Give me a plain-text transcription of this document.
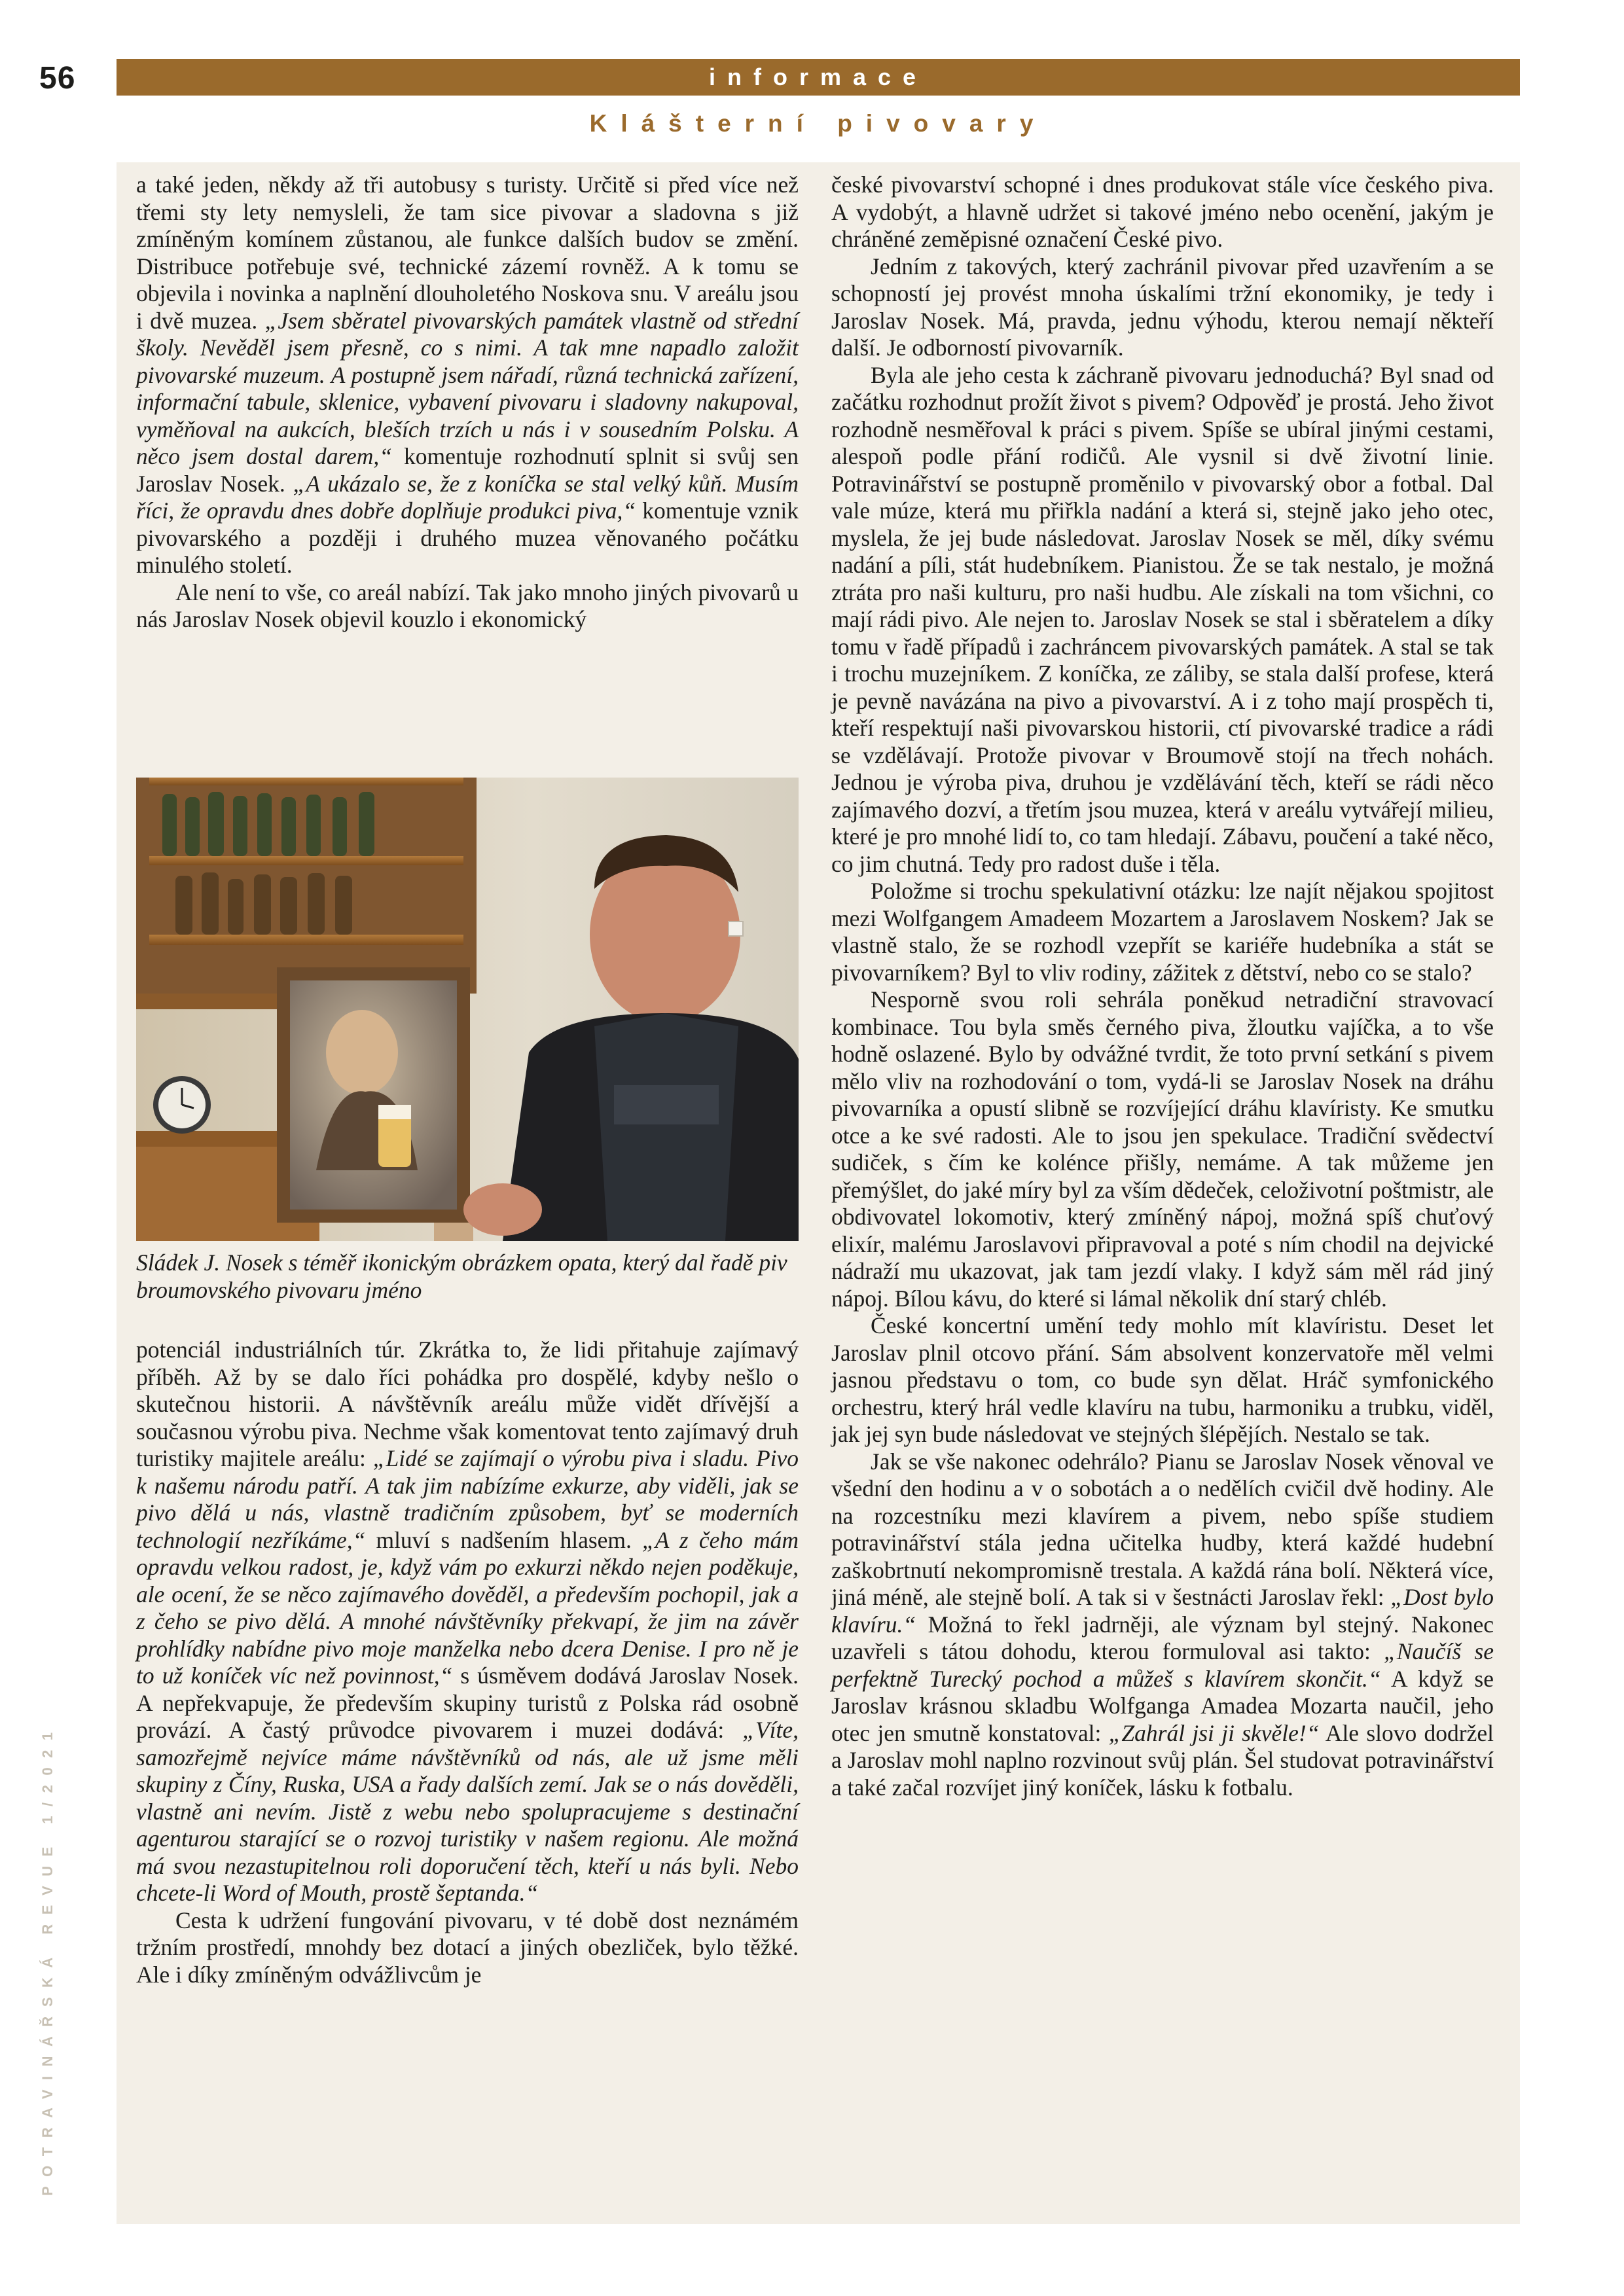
56	informace
Klášterní pivovary

a také jeden, někdy až tři autobusy s turisty. Určitě si před více než třemi sty lety nemysleli, že tam sice pivovar a sladovna s již zmíněným komínem zůstanou, ale funkce dalších budov se změní. Distribuce potřebuje své, technické zázemí rovněž. A k tomu se objevila i novinka a naplnění dlouholetého Noskova snu. V areálu jsou i dvě muzea. „Jsem sběratel pivovarských památek vlastně od střední školy. Nevěděl jsem přesně, co s nimi. A tak mne napadlo založit pivovarské muzeum. A postupně jsem nářadí, různá technická zařízení, informační tabule, sklenice, vybavení pivovaru i sladovny nakupoval, vyměňoval na aukcích, bleších trzích u nás i v sousedním Polsku. A něco jsem dostal darem,“ komentuje rozhodnutí splnit si svůj sen Jaroslav Nosek. „A ukázalo se, že z koníčka se stal velký kůň. Musím říci, že opravdu dnes dobře doplňuje produkci piva,“ komentuje vznik pivovarského a později i druhého muzea věnovaného počátku minulého století.

Ale není to vše, co areál nabízí. Tak jako mnoho jiných pivovarů u nás Jaroslav Nosek objevil kouzlo i ekonomický

Sládek J. Nosek s téměř ikonickým obrázkem opata, který dal řadě piv broumovského pivovaru jméno

potenciál industriálních túr. Zkrátka to, že lidi přitahuje zajímavý příběh. Až by se dalo říci pohádka pro dospělé, kdyby nešlo o skutečnou historii. A návštěvník areálu může vidět dřívější a současnou výrobu piva. Nechme však komentovat tento zajímavý druh turistiky majitele areálu: „Lidé se zajímají o výrobu piva i sladu. Pivo k našemu národu patří. A tak jim nabízíme exkurze, aby viděli, jak se pivo dělá u nás, vlastně tradičním způsobem, byť se moderních technologií nezříkáme,“ mluví s nadšením hlasem. „A z čeho mám opravdu velkou radost, je, když vám po exkurzi někdo nejen poděkuje, ale ocení, že se něco zajímavého dověděl, a především pochopil, jak a z čeho se pivo dělá. A mnohé návštěvníky překvapí, že jim na závěr prohlídky nabídne pivo moje manželka nebo dcera Denise. I pro ně je to už koníček víc než povinnost,“ s úsměvem dodává Jaroslav Nosek. A nepřekvapuje, že především skupiny turistů z Polska rád osobně provází. A častý průvodce pivovarem i muzei dodává: „Víte, samozřejmě nejvíce máme návštěvníků od nás, ale už jsme měli skupiny z Číny, Ruska, USA a řady dalších zemí. Jak se o nás dověděli, vlastně ani nevím. Jistě z webu nebo spolupracujeme s destinační agenturou starající se o rozvoj turistiky v našem regionu. Ale možná má svou nezastupitelnou roli doporučení těch, kteří u nás byli. Nebo chcete-li Word of Mouth, prostě šeptanda.“

Cesta k udržení fungování pivovaru, v té době dost neznámém tržním prostředí, mnohdy bez dotací a jiných obezliček, bylo těžké. Ale i díky zmíněným odvážlivcům je

české pivovarství schopné i dnes produkovat stále více českého piva. A vydobýt, a hlavně udržet si takové jméno nebo ocenění, jakým je chráněné zeměpisné označení České pivo.

Jedním z takových, který zachránil pivovar před uzavřením a se schopností jej provést mnoha úskalími tržní ekonomiky, je tedy i Jaroslav Nosek. Má, pravda, jednu výhodu, kterou nemají někteří další. Je odborností pivovarník.

Byla ale jeho cesta k záchraně pivovaru jednoduchá? Byl snad od začátku rozhodnut prožít život s pivem? Odpověď je prostá. Jeho život rozhodně nesměřoval k práci s pivem. Spíše se ubíral jinými cestami, alespoň podle přání rodičů. Ale vysnil si dvě životní linie. Potravinářství se postupně proměnilo v pivovarský obor a fotbal. Dal vale múze, která mu přiřkla nadání a která si, stejně jako jeho otec, myslela, že jej bude následovat. Jaroslav Nosek se měl, díky svému nadání a píli, stát hudebníkem. Pianistou. Že se tak nestalo, je možná ztráta pro naši kulturu, pro naši hudbu. Ale získali na tom všichni, co mají rádi pivo. Ale nejen to. Jaroslav Nosek se stal i sběratelem a díky tomu v řadě případů i zachráncem pivovarských památek. A stal se tak i trochu muzejníkem. Z koníčka, ze záliby, se stala další profese, která je pevně navázána na pivo a pivovarství. A i z toho mají prospěch ti, kteří respektují naši pivovarskou historii, ctí pivovarské tradice a rádi se vzdělávají. Protože pivovar v Broumově stojí na třech nohách. Jednou je výroba piva, druhou je vzdělávání těch, kteří se rádi něco zajímavého dozví, a třetím jsou muzea, která v areálu vytvářejí milieu, které je pro mnohé lidí to, co tam hledají. Zábavu, poučení a také něco, co jim chutná. Tedy pro radost duše i těla.

Položme si trochu spekulativní otázku: lze najít nějakou spojitost mezi Wolfgangem Amadeem Mozartem a Jaroslavem Noskem? Jak se vlastně stalo, že se rozhodl vzepřít se kariéře hudebníka a stát se pivovarníkem? Byl to vliv rodiny, zážitek z dětství, nebo co se stalo?

Nesporně svou roli sehrála poněkud netradiční stravovací kombinace. Tou byla směs černého piva, žloutku vajíčka, a to vše hodně oslazené. Bylo by odvážné tvrdit, že toto první setkání s pivem mělo vliv na rozhodování o tom, vydá-li se Jaroslav Nosek na dráhu pivovarníka a opustí slibně se rozvíjející dráhu klavíristy. Ke smutku otce a ke své radosti. Ale to jsou jen spekulace. Tradiční svědectví sudiček, s čím ke kolénce přišly, nemáme. A tak můžeme jen přemýšlet, do jaké míry byl za vším dědeček, celoživotní poštmistr, ale obdivovatel lokomotiv, který zmíněný nápoj, možná spíš chuťový elixír, malému Jaroslavovi připravoval a poté s ním chodil na dejvické nádraží mu ukazovat, jak tam jezdí vlaky. I když sám měl rád jiný nápoj. Bílou kávu, do které si lámal několik dní starý chléb.

České koncertní umění tedy mohlo mít klavíristu. Deset let Jaroslav plnil otcovo přání. Sám absolvent konzervatoře měl velmi jasnou představu o tom, co bude syn dělat. Hráč symfonického orchestru, který hrál vedle klavíru na tubu, harmoniku a trubku, viděl, jak jej syn bude následovat ve stejných šlépějích. Nestalo se tak.

Jak se vše nakonec odehrálo? Pianu se Jaroslav Nosek věnoval ve všední den hodinu a v o sobotách a o nedělích cvičil dvě hodiny. Ale na rozcestníku mezi klavírem a pivem, nebo spíše studiem potravinářství stála jedna učitelka hudby, která každé hudební zaškobrtnutí nekompromisně trestala. A každá rána bolí. Některá více, jiná méně, ale stejně bolí. A tak si v šestnácti Jaroslav řekl: „Dost bylo klavíru.“ Možná to řekl jadrněji, ale význam byl stejný. Nakonec uzavřeli s tátou dohodu, kterou formuloval asi takto: „Naučíš se perfektně Turecký pochod a můžeš s klavírem skončit.“ A když se Jaroslav krásnou skladbu Wolfganga Amadea Mozarta naučil, jeho otec jen smutně konstatoval: „Zahrál jsi ji skvěle!“ Ale slovo dodržel a Jaroslav mohl naplno rozvinout svůj plán. Šel studovat potravinářství a také začal rozvíjet jiný koníček, lásku k fotbalu.

POTRAVINÁŘSKÁ REVUE 1/2021
